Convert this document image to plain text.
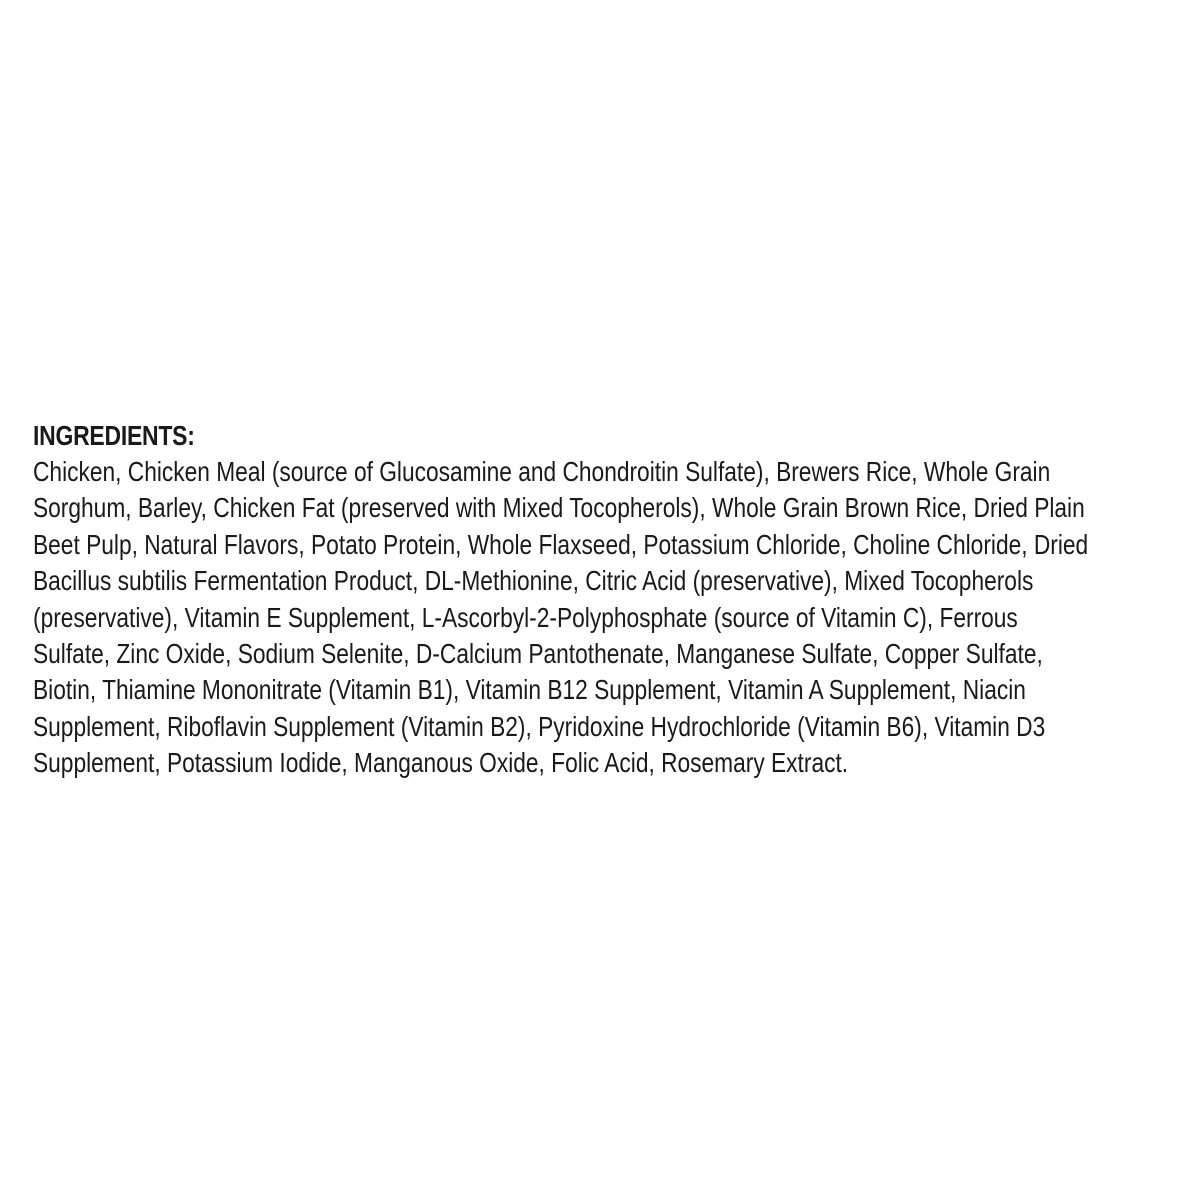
INGREDIENTS:
Chicken, Chicken Meal (source of Glucosamine and Chondroitin Sulfate), Brewers Rice, Whole Grain
Sorghum, Barley, Chicken Fat (preserved with Mixed Tocopherols), Whole Grain Brown Rice, Dried Plain
Beet Pulp, Natural Flavors, Potato Protein, Whole Flaxseed, Potassium Chloride, Choline Chloride, Dried
Bacillus subtilis Fermentation Product, DL-Methionine, Citric Acid (preservative), Mixed Tocopherols
(preservative), Vitamin E Supplement, L-Ascorbyl-2-Polyphosphate (source of Vitamin C), Ferrous
Sulfate, Zinc Oxide, Sodium Selenite, D-Calcium Pantothenate, Manganese Sulfate, Copper Sulfate,
Biotin, Thiamine Mononitrate (Vitamin B1), Vitamin B12 Supplement, Vitamin A Supplement, Niacin
Supplement, Riboflavin Supplement (Vitamin B2), Pyridoxine Hydrochloride (Vitamin B6), Vitamin D3
Supplement, Potassium Iodide, Manganous Oxide, Folic Acid, Rosemary Extract.
